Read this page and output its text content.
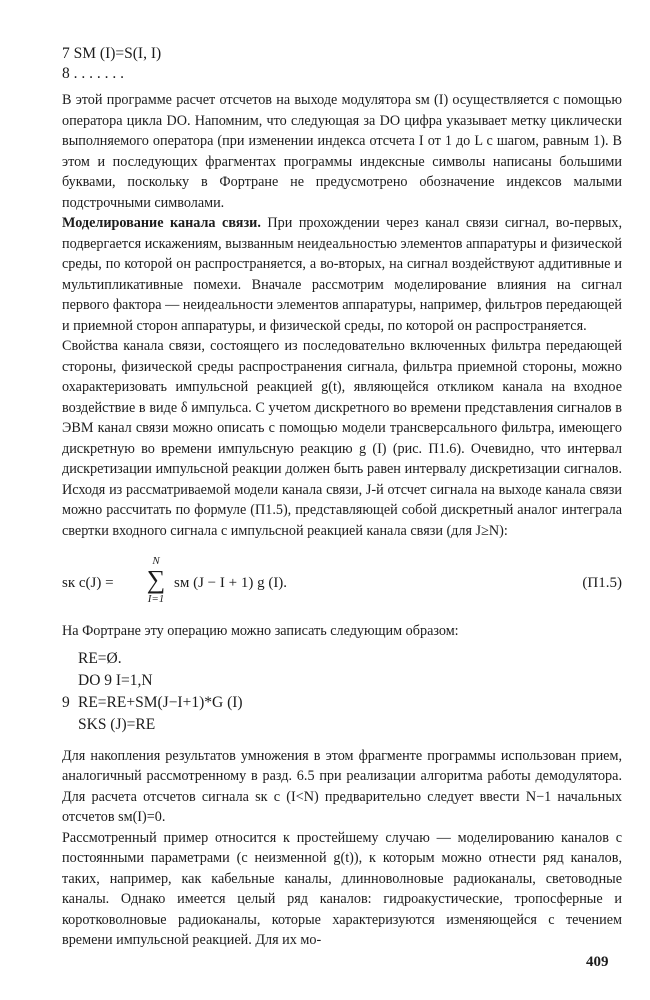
7 SM (I)=S(I, I)
8 . . . . . . .

В этой программе расчет отсчетов на выходе модулятора sм (I) осуществляется с помощью оператора цикла DO. Напомним, что следующая за DO цифра указывает метку циклически выполняемого оператора (при изменении индекса отсчета I от 1 до L с шагом, равным 1). В этом и последующих фрагментах программы индексные символы написаны большими буквами, поскольку в Фортране не предусмотрено обозначение индексов малыми подстрочными символами.

Моделирование канала связи. При прохождении через канал связи сигнал, во-первых, подвергается искажениям, вызванным неидеальностью элементов аппаратуры и физической среды, по которой он распространяется, а во-вторых, на сигнал воздействуют аддитивные и мультипликативные помехи. Вначале рассмотрим моделирование влияния на сигнал первого фактора — неидеальности элементов аппаратуры, например, фильтров передающей и приемной сторон аппаратуры, и физической среды, по которой он распространяется.

Свойства канала связи, состоящего из последовательно включенных фильтра передающей стороны, физической среды распространения сигнала, фильтра приемной стороны, можно охарактеризовать импульсной реакцией g(t), являющейся откликом канала на входное воздействие в виде δ импульса. С учетом дискретного во времени представления сигналов в ЭВМ канал связи можно описать с помощью модели трансверсального фильтра, имеющего дискретную во времени импульсную реакцию g (I) (рис. П1.6). Очевидно, что интервал дискретизации импульсной реакции должен быть равен интервалу дискретизации сигналов. Исходя из рассматриваемой модели канала связи, J-й отсчет сигнала на выходе канала связи можно рассчитать по формуле (П1.5), представляющей собой дискретный аналог интеграла свертки входного сигнала с импульсной реакцией канала связи (для J≥N):

sк с(J) =
N
∑
I=1
sм (J − I + 1) g (I).	(П1.5)

На Фортране эту операцию можно записать следующим образом:

RE=Ø.
DO 9 I=1,N
9 RE=RE+SM(J−I+1)*G (I)
SKS (J)=RE

Для накопления результатов умножения в этом фрагменте программы использован прием, аналогичный рассмотренному в разд. 6.5 при реализации алгоритма работы демодулятора. Для расчета отсчетов сигнала sк с (I<N) предварительно следует ввести N−1 начальных отсчетов sм(I)=0.

Рассмотренный пример относится к простейшему случаю — моделированию каналов с постоянными параметрами (с неизменной g(t)), к которым можно отнести ряд каналов, таких, например, как кабельные каналы, длинноволновые радиоканалы, световодные каналы. Однако имеется целый ряд каналов: гидроакустические, тропосферные и коротковолновые радиоканалы, которые характеризуются изменяющейся с течением времени импульсной реакцией. Для их мо-

409
